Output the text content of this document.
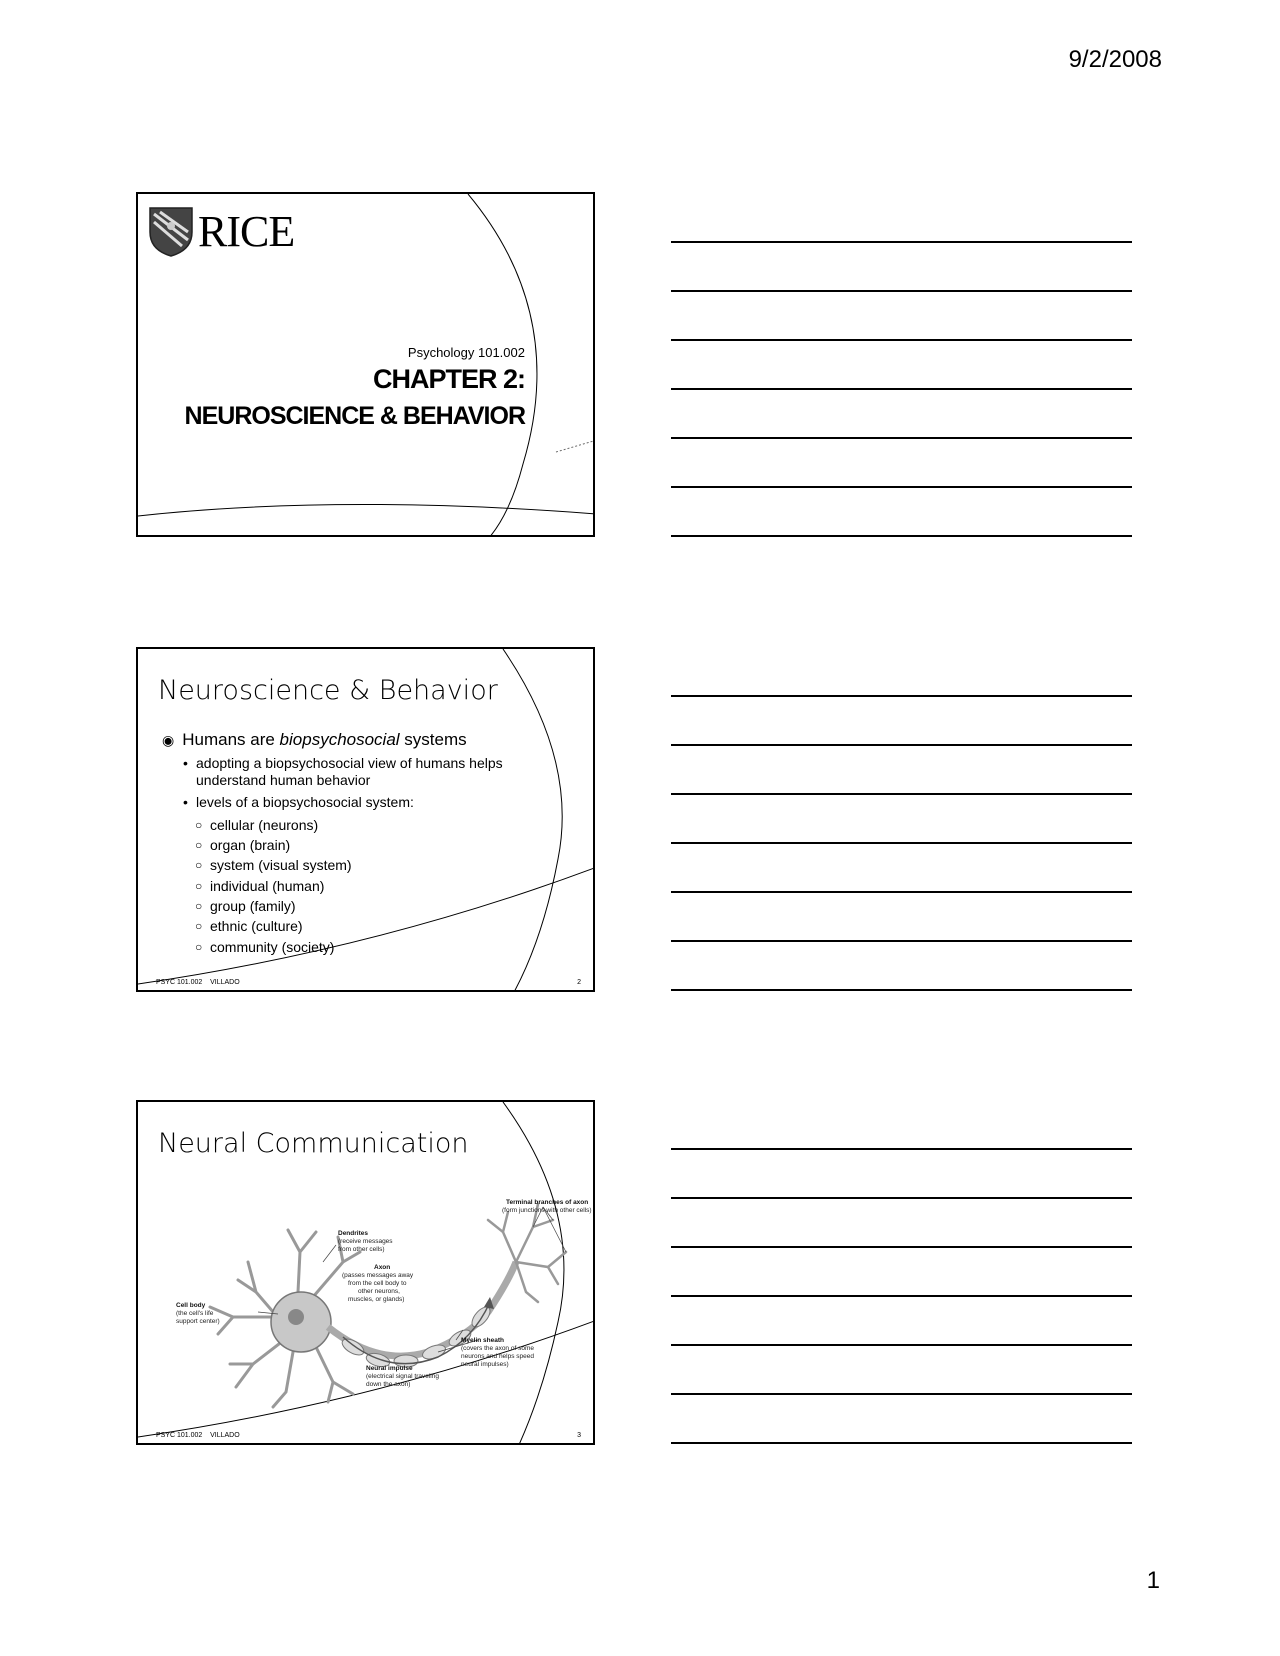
9/2/2008
RICE
Psychology 101.002
CHAPTER 2:
NEUROSCIENCE & BEHAVIOR
Neuroscience & Behavior
◉ Humans are biopsychosocial systems
• adopting a biopsychosocial view of humans helps
understand human behavior
• levels of a biopsychosocial system:
○ cellular (neurons)
○ organ (brain)
○ system (visual system)
○ individual (human)
○ group (family)
○ ethnic (culture)
○ community (society)
PSYC 101.002    VILLADO	2
Neural Communication
Terminal branches of axon
(form junctions with other cells)
Dendrites
(receive messages
from other cells)
Axon
(passes messages away
from the cell body to
other neurons,
muscles, or glands)
Cell body
(the cell's life
support center)
Myelin sheath
(covers the axon of some
neurons and helps speed
neural impulses)
Neural impulse
(electrical signal traveling
down the axon)
PSYC 101.002    VILLADO	3
1
